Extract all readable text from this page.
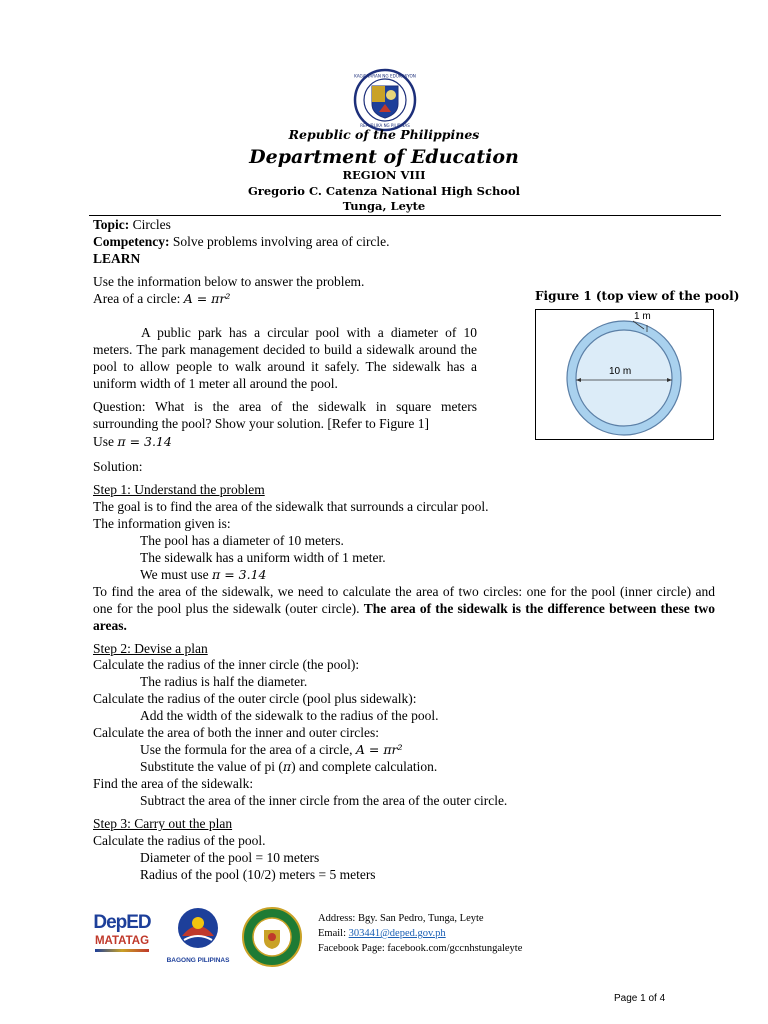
KAGAWARAN NG EDUKASYON
REPUBLIKA NG PILIPINAS
Republic of the Philippines
Department of Education
REGION VIII
Gregorio C. Catenza National High School
Tunga, Leyte
Topic: Circles
Competency: Solve problems involving area of circle.
LEARN
Use the information below to answer the problem.
Area of a circle: A = πr²
A public park has a circular pool with a diameter of 10 meters. The park management decided to build a sidewalk around the pool to allow people to walk around it safely. The sidewalk has a uniform width of 1 meter all around the pool.
Question: What is the area of the sidewalk in square meters surrounding the pool? Show your solution. [Refer to Figure 1]
Use π = 3.14
Solution:
Figure 1 (top view of the pool)
1 m
10 m
Step 1: Understand the problem
The goal is to find the area of the sidewalk that surrounds a circular pool.
The information given is:
The pool has a diameter of 10 meters.
The sidewalk has a uniform width of 1 meter.
We must use π = 3.14
To find the area of the sidewalk, we need to calculate the area of two circles: one for the pool (inner circle) and one for the pool plus the sidewalk (outer circle). The area of the sidewalk is the difference between these two areas.
Step 2: Devise a plan
Calculate the radius of the inner circle (the pool):
The radius is half the diameter.
Calculate the radius of the outer circle (pool plus sidewalk):
Add the width of the sidewalk to the radius of the pool.
Calculate the area of both the inner and outer circles:
Use the formula for the area of a circle, A = πr²
Substitute the value of pi (π) and complete calculation.
Find the area of the sidewalk:
Subtract the area of the inner circle from the area of the outer circle.
Step 3: Carry out the plan
Calculate the radius of the pool.
Diameter of the pool = 10 meters
Radius of the pool (10/2) meters = 5 meters
DepED
MATATAG
BAGONG PILIPINAS
Address: Bgy. San Pedro, Tunga, Leyte
Email: 303441@deped.gov.ph
Facebook Page: facebook.com/gccnhstungaleyte
Page 1 of 4
